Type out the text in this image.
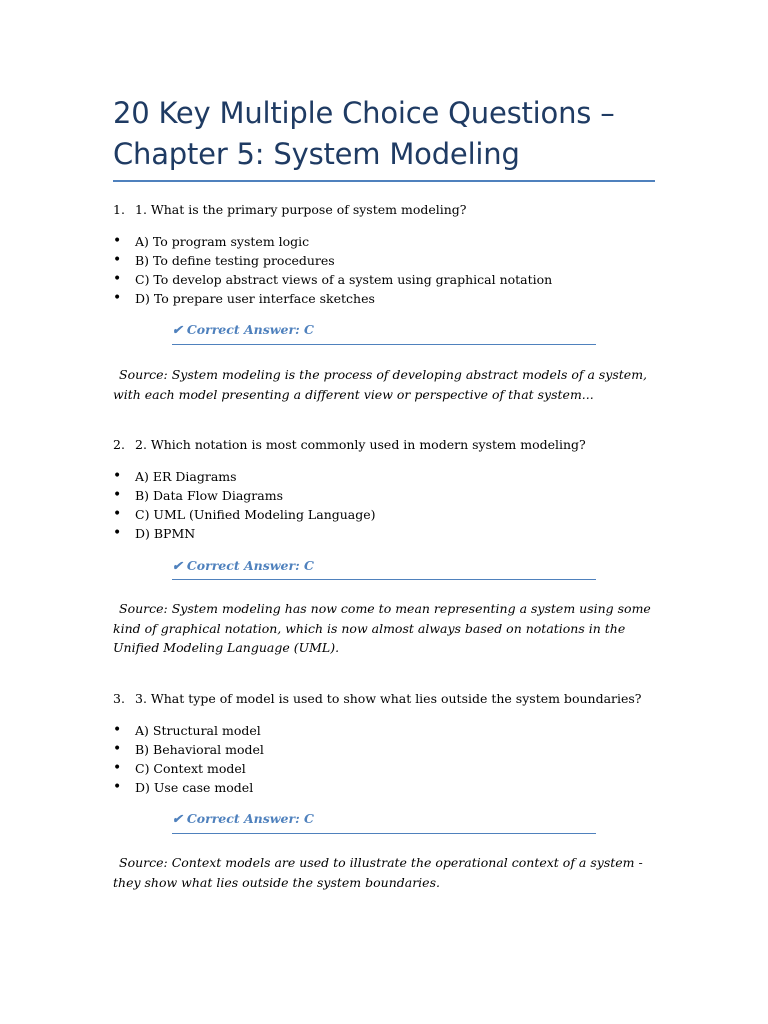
20 Key Multiple Choice Questions – Chapter 5: System Modeling
1. 1. What is the primary purpose of system modeling?
• A) To program system logic
• B) To define testing procedures
• C) To develop abstract views of a system using graphical notation
• D) To prepare user interface sketches
✔ Correct Answer: C
Source: System modeling is the process of developing abstract models of a system, with each model presenting a different view or perspective of that system...
2. 2. Which notation is most commonly used in modern system modeling?
• A) ER Diagrams
• B) Data Flow Diagrams
• C) UML (Unified Modeling Language)
• D) BPMN
✔ Correct Answer: C
Source: System modeling has now come to mean representing a system using some kind of graphical notation, which is now almost always based on notations in the Unified Modeling Language (UML).
3. 3. What type of model is used to show what lies outside the system boundaries?
• A) Structural model
• B) Behavioral model
• C) Context model
• D) Use case model
✔ Correct Answer: C
Source: Context models are used to illustrate the operational context of a system - they show what lies outside the system boundaries.
